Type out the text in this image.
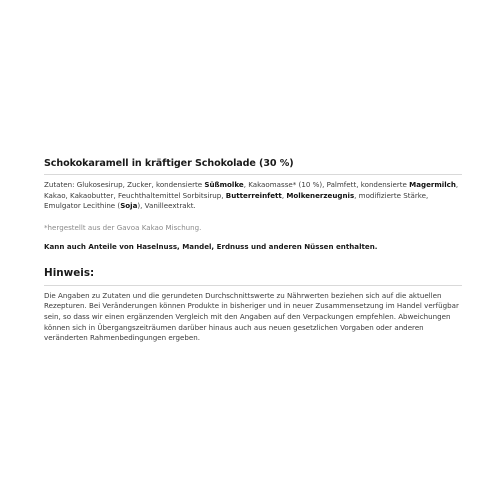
Schokokaramell in kräftiger Schokolade (30 %)

Zutaten: Glukosesirup, Zucker, kondensierte Süßmolke, Kakaomasse* (10 %), Palmfett, kondensierte Magermilch, Kakao, Kakaobutter, Feuchthaltemittel Sorbitsirup, Butterreinfett, Molkenerzeugnis, modifizierte Stärke, Emulgator Lecithine (Soja), Vanilleextrakt.

*hergestellt aus der Gavoa Kakao Mischung.

Kann auch Anteile von Haselnuss, Mandel, Erdnuss und anderen Nüssen enthalten.

Hinweis:

Die Angaben zu Zutaten und die gerundeten Durchschnittswerte zu Nährwerten beziehen sich auf die aktuellen Rezepturen. Bei Veränderungen können Produkte in bisheriger und in neuer Zusammensetzung im Handel verfügbar sein, so dass wir einen ergänzenden Vergleich mit den Angaben auf den Verpackungen empfehlen. Abweichungen können sich in Übergangszeiträumen darüber hinaus auch aus neuen gesetzlichen Vorgaben oder anderen veränderten Rahmenbedingungen ergeben.
